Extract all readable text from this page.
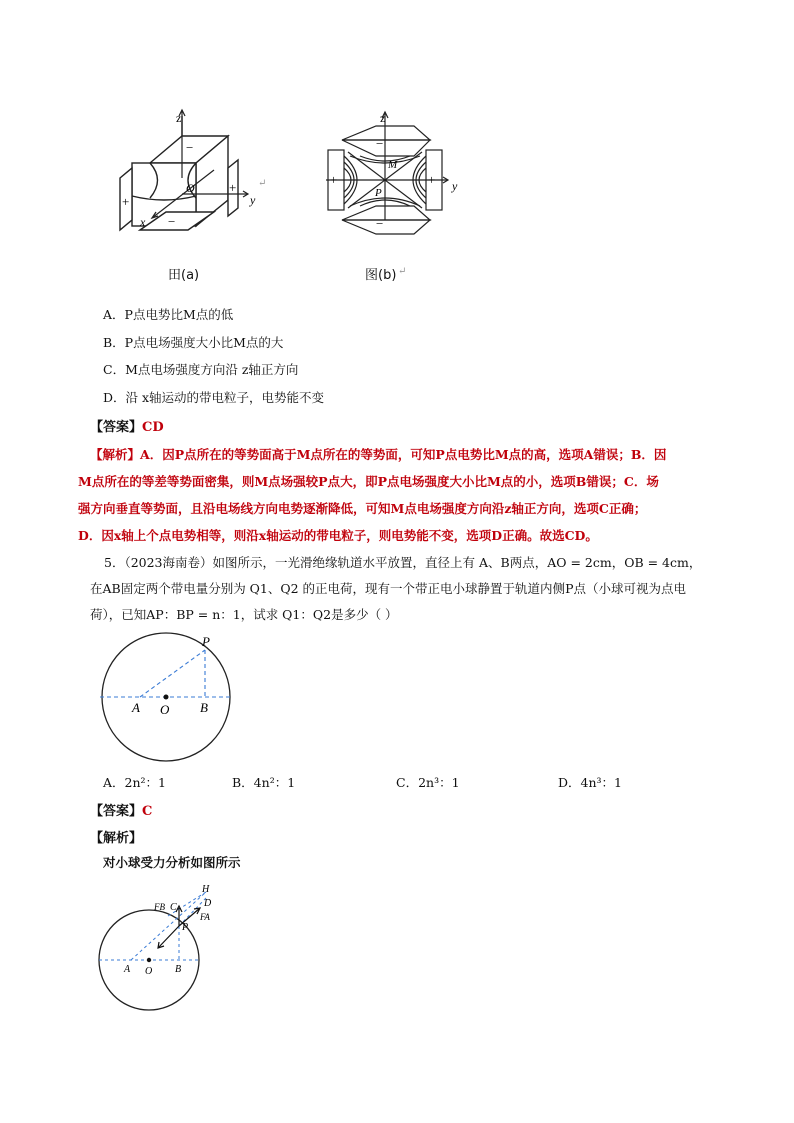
z
y
x
O
−
−
+
+ ↵
z
y
P
M
−
−
+	+
田(a)	图(b) ↵
A．P点电势比M点的低
B．P点电场强度大小比M点的大
C．M点电场强度方向沿 z轴正方向
D．沿 x轴运动的带电粒子，电势能不变
【答案】CD
【解析】A．因P点所在的等势面高于M点所在的等势面，可知P点电势比M点的高，选项A错误；B．因
M点所在的等差等势面密集，则M点场强较P点大，即P点电场强度大小比M点的小，选项B错误；C．场
强方向垂直等势面，且沿电场线方向电势逐渐降低，可知M点电场强度方向沿z轴正方向，选项C正确；
D．因x轴上个点电势相等，则沿x轴运动的带电粒子，则电势能不变，选项D正确。故选CD。
5．（2023海南卷）如图所示，一光滑绝缘轨道水平放置，直径上有 A、B两点，AO = 2cm，OB = 4cm，
在AB固定两个带电量分别为 Q1、Q2 的正电荷，现有一个带正电小球静置于轨道内侧P点（小球可视为点电
荷），已知AP：BP = n：1，试求 Q1：Q2是多少（ ）
A O B
P
A．2n²：1	B．4n²：1	C．2n³：1	D．4n³：1
【答案】C
【解析】
对小球受力分析如图所示
H
D
C
P
FB
FA
A O B
